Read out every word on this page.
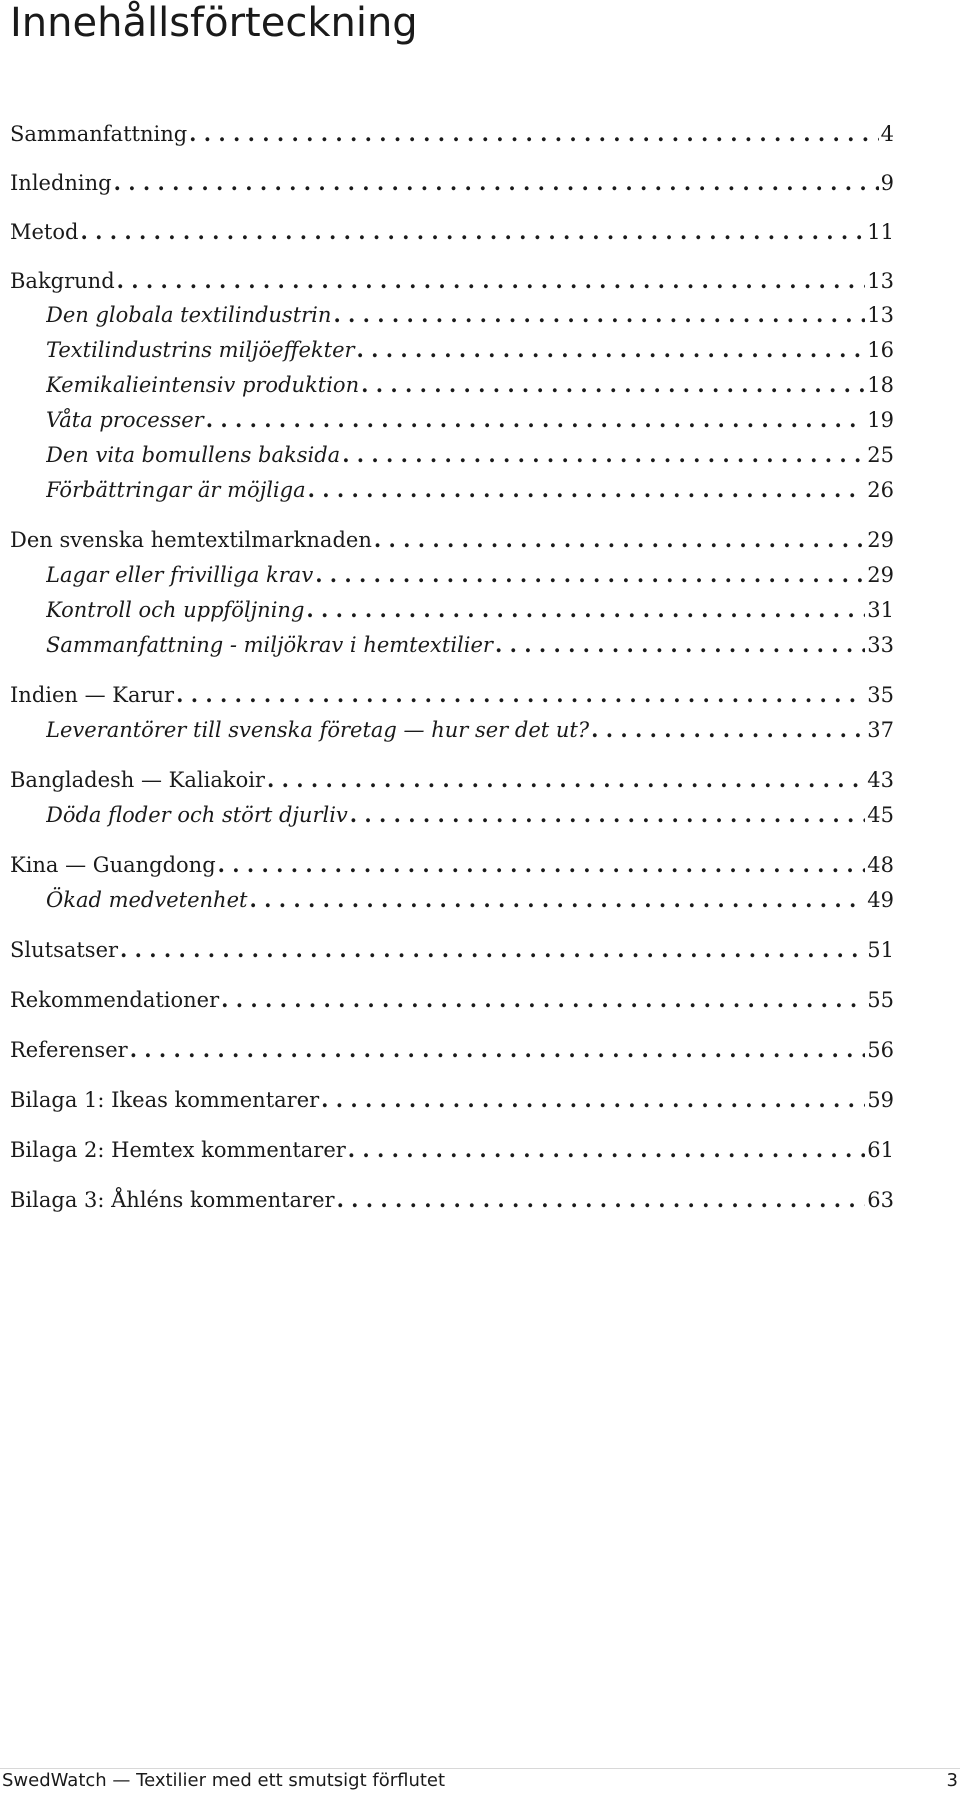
Innehållsförteckning
Sammanfattning . . .	4
Inledning . . .	9
Metod . . .	11
Bakgrund . . .	13
Den globala textilindustrin . . .	13
Textilindustrins miljöeffekter . . .	16
Kemikalieintensiv produktion . . .	18
Våta processer . . .	19
Den vita bomullens baksida . . .	25
Förbättringar är möjliga . . .	26
Den svenska hemtextilmarknaden . . .	29
Lagar eller frivilliga krav . . .	29
Kontroll och uppföljning . . .	31
Sammanfattning - miljökrav i hemtextilier . . .	33
Indien — Karur . . .	35
Leverantörer till svenska företag — hur ser det ut? . . .	37
Bangladesh — Kaliakoir . . .	43
Döda floder och stört djurliv . . .	45
Kina — Guangdong . . .	48
Ökad medvetenhet . . .	49
Slutsatser . . .	51
Rekommendationer . . .	55
Referenser . . .	56
Bilaga 1: Ikeas kommentarer . . .	59
Bilaga 2: Hemtex kommentarer . . .	61
Bilaga 3: Åhléns kommentarer . . .	63
SwedWatch — Textilier med ett smutsigt förflutet	3
